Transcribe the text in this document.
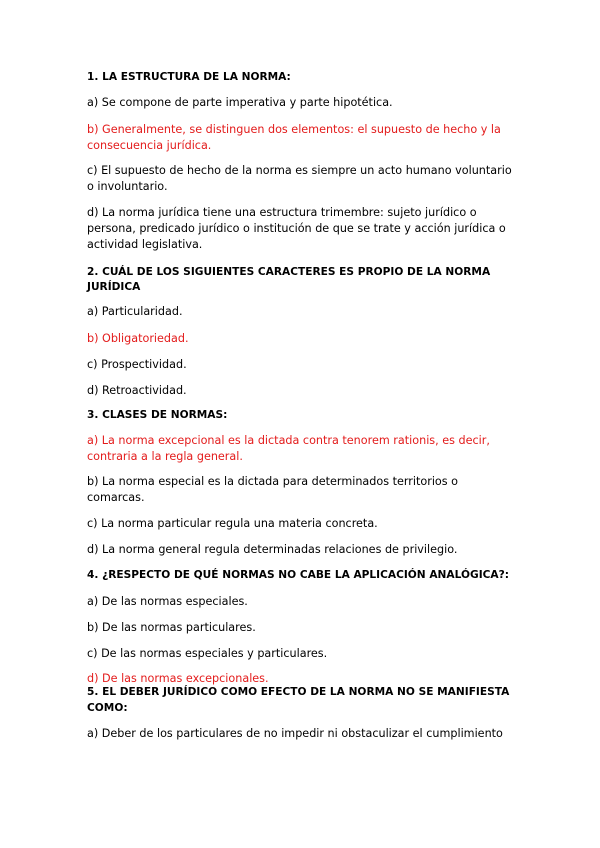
1. LA ESTRUCTURA DE LA NORMA:
a) Se compone de parte imperativa y parte hipotética.
b) Generalmente, se distinguen dos elementos: el supuesto de hecho y la
consecuencia jurídica.
c) El supuesto de hecho de la norma es siempre un acto humano voluntario
o involuntario.
d) La norma jurídica tiene una estructura trimembre: sujeto jurídico o
persona, predicado jurídico o institución de que se trate y acción jurídica o
actividad legislativa.
2. CUÁL DE LOS SIGUIENTES CARACTERES ES PROPIO DE LA NORMA
JURÍDICA
a) Particularidad.
b) Obligatoriedad.
c) Prospectividad.
d) Retroactividad.
3. CLASES DE NORMAS:
a) La norma excepcional es la dictada contra tenorem rationis, es decir,
contraria a la regla general.
b) La norma especial es la dictada para determinados territorios o
comarcas.
c) La norma particular regula una materia concreta.
d) La norma general regula determinadas relaciones de privilegio.
4. ¿RESPECTO DE QUÉ NORMAS NO CABE LA APLICACIÓN ANALÓGICA?:
a) De las normas especiales.
b) De las normas particulares.
c) De las normas especiales y particulares.
d) De las normas excepcionales.
5. EL DEBER JURÍDICO COMO EFECTO DE LA NORMA NO SE MANIFIESTA
COMO:
a) Deber de los particulares de no impedir ni obstaculizar el cumplimiento
